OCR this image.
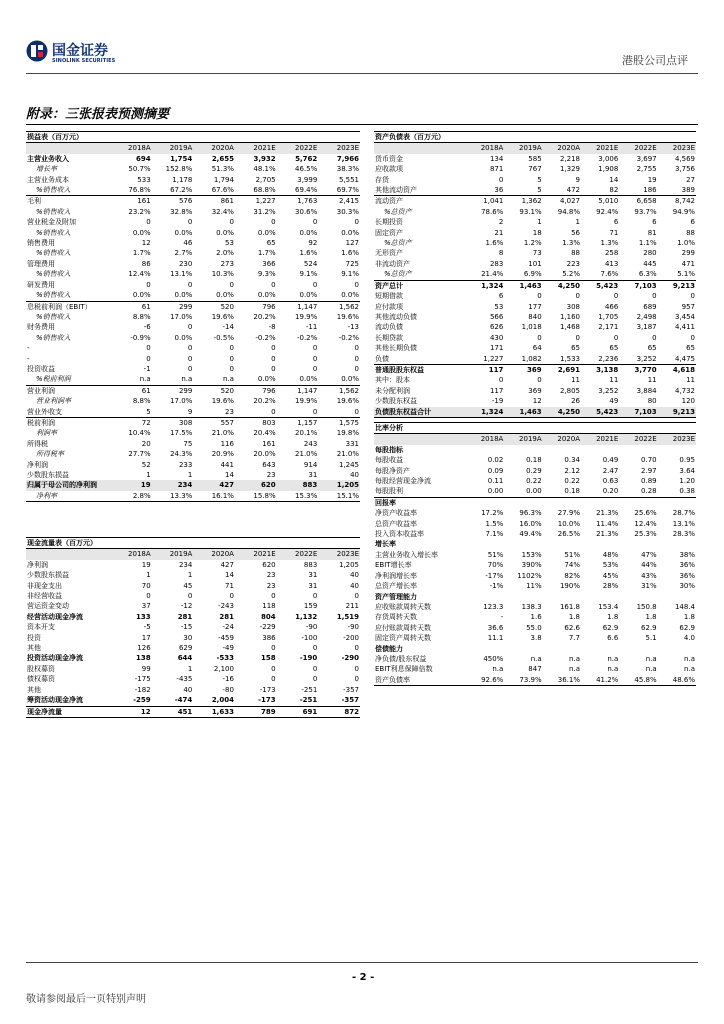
国金证券
SINOLINK SECURITIES	港股公司点评
附录：三张报表预测摘要
损益表（百万元）						
	2018A	2019A	2020A	2021E	2022E	2023E
主营业务收入	694	1,754	2,655	3,932	5,762	7,966
增长率	50.7%	152.8%	51.3%	48.1%	46.5%	38.3%
主营业务成本	533	1,178	1,794	2,705	3,999	5,551
%销售收入	76.8%	67.2%	67.6%	68.8%	69.4%	69.7%
毛利	161	576	861	1,227	1,763	2,415
%销售收入	23.2%	32.8%	32.4%	31.2%	30.6%	30.3%
营业税金及附加	0	0	0	0	0	0
%销售收入	0.0%	0.0%	0.0%	0.0%	0.0%	0.0%
销售费用	12	46	53	65	92	127
%销售收入	1.7%	2.7%	2.0%	1.7%	1.6%	1.6%
管理费用	86	230	273	366	524	725
%销售收入	12.4%	13.1%	10.3%	9.3%	9.1%	9.1%
研发费用	0	0	0	0	0	0
%销售收入	0.0%	0.0%	0.0%	0.0%	0.0%	0.0%
息税前利润（EBIT）	61	299	520	796	1,147	1,562
%销售收入	8.8%	17.0%	19.6%	20.2%	19.9%	19.6%
财务费用	-6	0	-14	-8	-11	-13
%销售收入	-0.9%	0.0%	-0.5%	-0.2%	-0.2%	-0.2%
-	0	0	0	0	0	0
-	0	0	0	0	0	0
投资收益	-1	0	0	0	0	0
%税前利润	n.a	n.a	n.a	0.0%	0.0%	0.0%
营业利润	61	299	520	796	1,147	1,562
营业利润率	8.8%	17.0%	19.6%	20.2%	19.9%	19.6%
营业外收支	5	9	23	0	0	0
税前利润	72	308	557	803	1,157	1,575
利润率	10.4%	17.5%	21.0%	20.4%	20.1%	19.8%
所得税	20	75	116	161	243	331
所得税率	27.7%	24.3%	20.9%	20.0%	21.0%	21.0%
净利润	52	233	441	643	914	1,245
少数股东损益	1	1	14	23	31	40
归属于母公司的净利润	19	234	427	620	883	1,205
净利率	2.8%	13.3%	16.1%	15.8%	15.3%	15.1%
现金流量表（百万元）						
	2018A	2019A	2020A	2021E	2022E	2023E
净利润	19	234	427	620	883	1,205
少数股东损益	1	1	14	23	31	40
非现金支出	70	45	71	23	31	40
非经营收益	0	0	0	0	0	0
营运资金变动	37	-12	-243	118	159	211
经营活动现金净流	133	281	281	804	1,132	1,519
资本开支	-5	-15	-24	-229	-90	-90
投资	17	30	-459	386	-100	-200
其他	126	629	-49	0	0	0
投资活动现金净流	138	644	-533	158	-190	-290
股权募资	99	1	2,100	0	0	0
债权募资	-175	-435	-16	0	0	0
其他	-182	40	-80	-173	-251	-357
筹资活动现金净流	-259	-474	2,004	-173	-251	-357
现金净流量	12	451	1,633	789	691	872
资产负债表（百万元）						
	2018A	2019A	2020A	2021E	2022E	2023E
货币资金	134	585	2,218	3,006	3,697	4,569
应收款项	871	767	1,329	1,908	2,755	3,756
存货	0	5	9	14	19	27
其他流动资产	36	5	472	82	186	389
流动资产	1,041	1,362	4,027	5,010	6,658	8,742
%总资产	78.6%	93.1%	94.8%	92.4%	93.7%	94.9%
长期投资	2	1	1	6	6	6
固定资产	21	18	56	71	81	88
%总资产	1.6%	1.2%	1.3%	1.3%	1.1%	1.0%
无形资产	8	73	88	258	280	299
非流动资产	283	101	223	413	445	471
%总资产	21.4%	6.9%	5.2%	7.6%	6.3%	5.1%
资产总计	1,324	1,463	4,250	5,423	7,103	9,213
短期借款	6	0	0	0	0	0
应付款项	53	177	308	466	689	957
其他流动负债	566	840	1,160	1,705	2,498	3,454
流动负债	626	1,018	1,468	2,171	3,187	4,411
长期贷款	430	0	0	0	0	0
其他长期负债	171	64	65	65	65	65
负债	1,227	1,082	1,533	2,236	3,252	4,475
普通股股东权益	117	369	2,691	3,138	3,770	4,618
其中：股本	0	0	11	11	11	11
未分配利润	117	369	2,805	3,252	3,884	4,732
少数股东权益	-19	12	26	49	80	120
负债股东权益合计	1,324	1,463	4,250	5,423	7,103	9,213
比率分析						
	2018A	2019A	2020A	2021E	2022E	2023E
每股指标						
每股收益	0.02	0.18	0.34	0.49	0.70	0.95
每股净资产	0.09	0.29	2.12	2.47	2.97	3.64
每股经营现金净流	0.11	0.22	0.22	0.63	0.89	1.20
每股股利	0.00	0.00	0.18	0.20	0.28	0.38
回报率						
净资产收益率	17.2%	96.3%	27.9%	21.3%	25.6%	28.7%
总资产收益率	1.5%	16.0%	10.0%	11.4%	12.4%	13.1%
投入资本收益率	7.1%	49.4%	26.5%	21.3%	25.3%	28.3%
增长率						
主营业务收入增长率	51%	153%	51%	48%	47%	38%
EBIT增长率	70%	390%	74%	53%	44%	36%
净利润增长率	-17%	1102%	82%	45%	43%	36%
总资产增长率	-1%	11%	190%	28%	31%	30%
资产管理能力						
应收账款周转天数	123.3	138.3	161.8	153.4	150.8	148.4
存货周转天数	-	1.6	1.8	1.8	1.8	1.8
应付账款周转天数	36.6	55.0	62.6	62.9	62.9	62.9
固定资产周转天数	11.1	3.8	7.7	6.6	5.1	4.0
偿债能力						
净负债/股东权益	450%	n.a	n.a	n.a	n.a	n.a
EBIT利息保障倍数	n.a	847	n.a	n.a	n.a	n.a
资产负债率	92.6%	73.9%	36.1%	41.2%	45.8%	48.6%
- 2 -
敬请参阅最后一页特别声明
